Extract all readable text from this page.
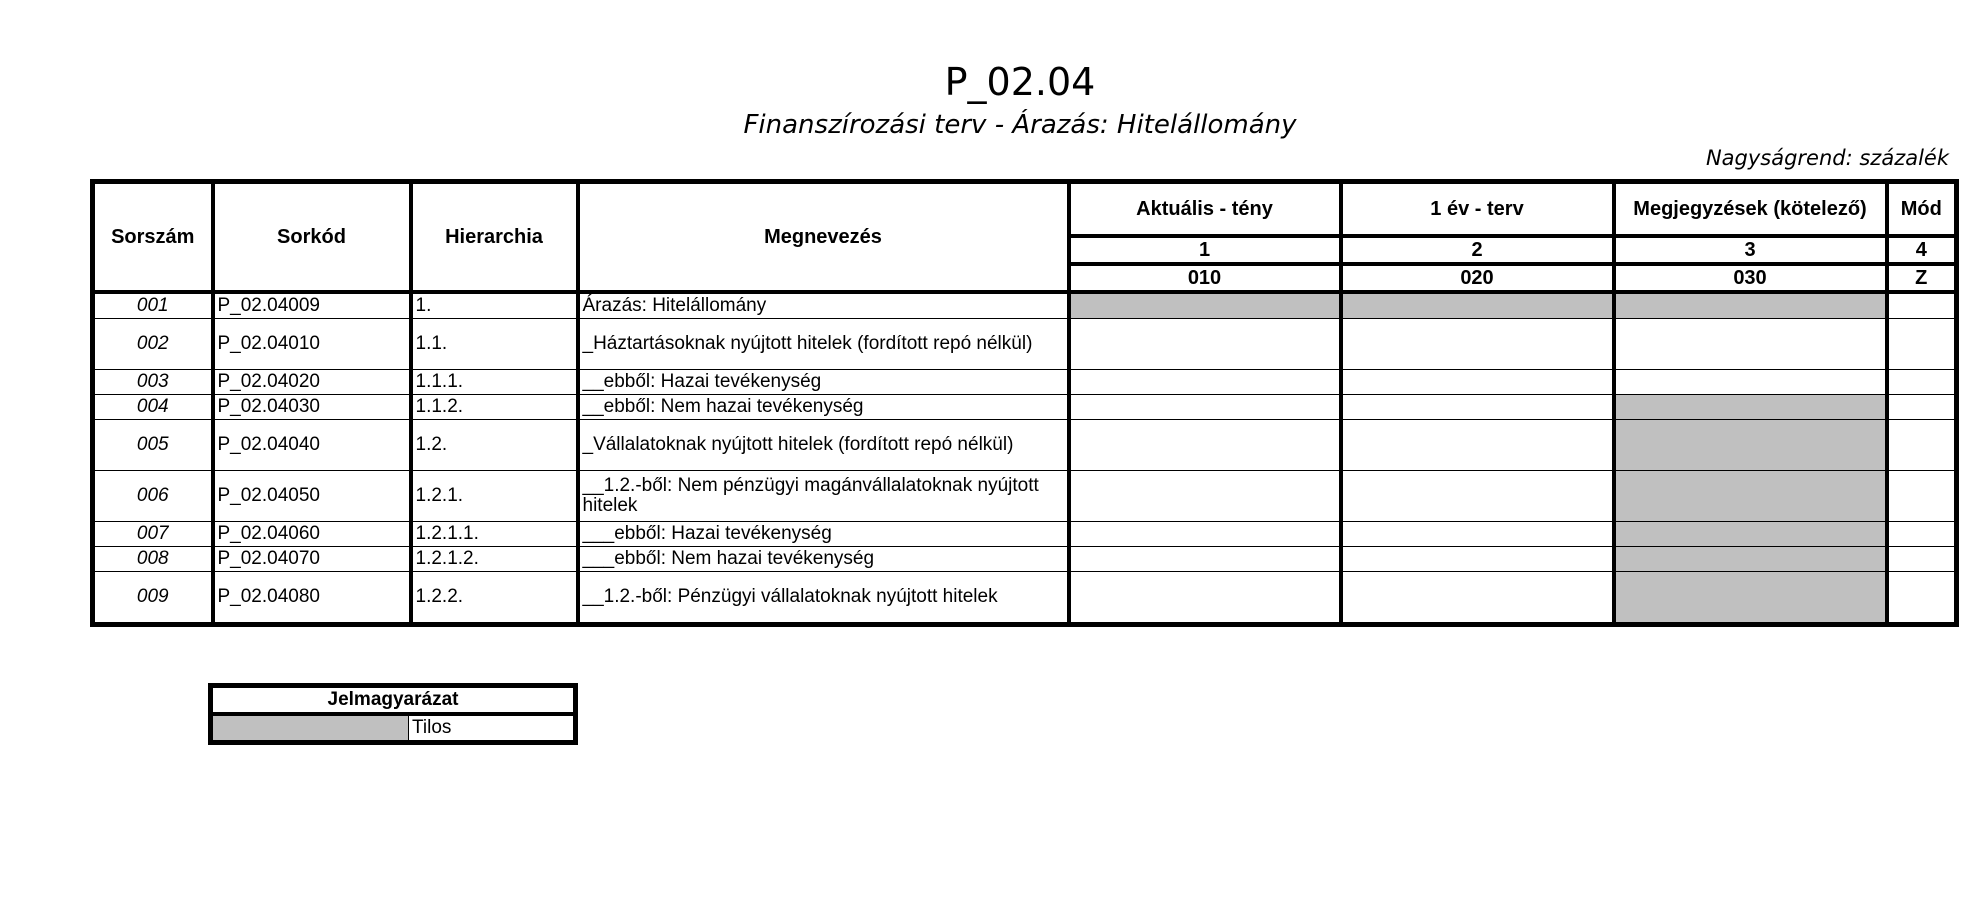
P_02.04
Finanszírozási terv - Árazás: Hitelállomány
Nagyságrend: százalék
Sorszám	Sorkód	Hierarchia	Megnevezés	Aktuális - tény	1 év - terv	Megjegyzések (kötelező)	Mód
				1	2	3	4
				010	020	030	Z
001	P_02.04009	1.	Árazás: Hitelállomány				
002	P_02.04010	1.1.	_Háztartásoknak nyújtott hitelek (fordított repó nélkül)				
003	P_02.04020	1.1.1.	__ebből: Hazai tevékenység				
004	P_02.04030	1.1.2.	__ebből: Nem hazai tevékenység				
005	P_02.04040	1.2.	_Vállalatoknak nyújtott hitelek (fordított repó nélkül)				
006	P_02.04050	1.2.1.	__1.2.-ből: Nem pénzügyi magánvállalatoknak nyújtott hitelek				
007	P_02.04060	1.2.1.1.	___ebből: Hazai tevékenység				
008	P_02.04070	1.2.1.2.	___ebből: Nem hazai tevékenység				
009	P_02.04080	1.2.2.	__1.2.-ből: Pénzügyi vállalatoknak nyújtott hitelek				
Jelmagyarázat
	Tilos
